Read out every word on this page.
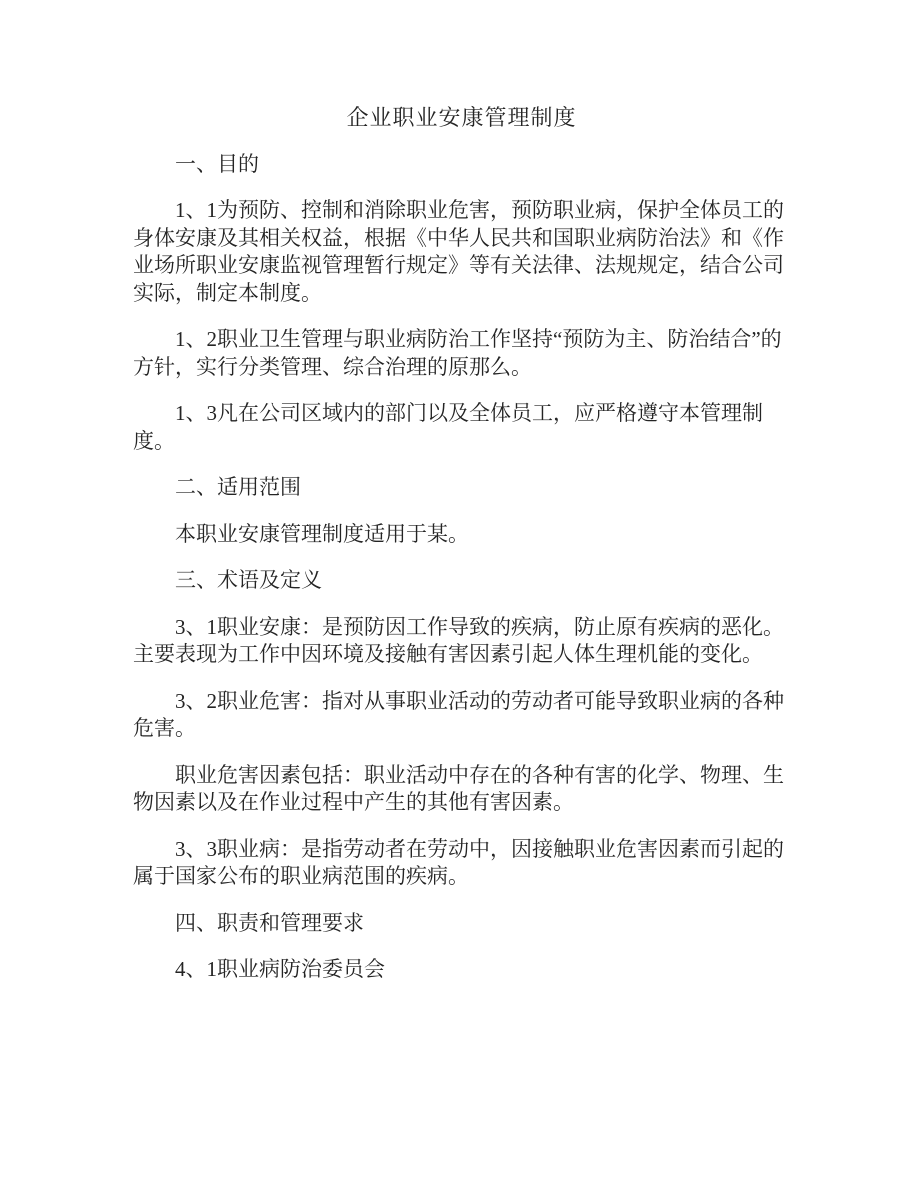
企业职业安康管理制度

一、目的

1、1为预防、控制和消除职业危害，预防职业病，保护全体员工的身体安康及其相关权益，根据《中华人民共和国职业病防治法》和《作业场所职业安康监视管理暂行规定》等有关法律、法规规定，结合公司实际，制定本制度。

1、2职业卫生管理与职业病防治工作坚持“预防为主、防治结合”的方针，实行分类管理、综合治理的原那么。

1、3凡在公司区域内的部门以及全体员工，应严格遵守本管理制度。

二、适用范围

本职业安康管理制度适用于某。

三、术语及定义

3、1职业安康：是预防因工作导致的疾病，防止原有疾病的恶化。主要表现为工作中因环境及接触有害因素引起人体生理机能的变化。

3、2职业危害：指对从事职业活动的劳动者可能导致职业病的各种危害。

职业危害因素包括：职业活动中存在的各种有害的化学、物理、生物因素以及在作业过程中产生的其他有害因素。

3、3职业病：是指劳动者在劳动中，因接触职业危害因素而引起的属于国家公布的职业病范围的疾病。

四、职责和管理要求

4、1职业病防治委员会
